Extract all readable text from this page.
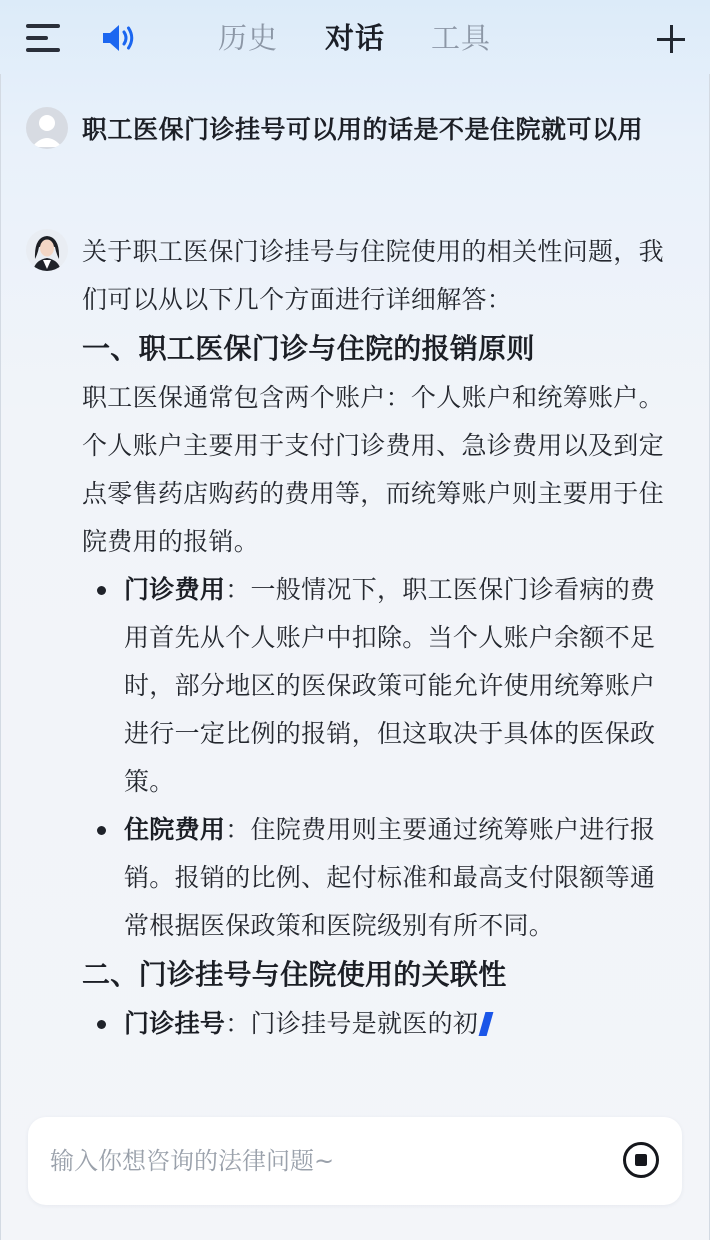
历史 对话 工具
职工医保门诊挂号可以用的话是不是住院就可以用

关于职工医保门诊挂号与住院使用的相关性问题，我们可以从以下几个方面进行详细解答：

一、职工医保门诊与住院的报销原则

职工医保通常包含两个账户：个人账户和统筹账户。个人账户主要用于支付门诊费用、急诊费用以及到定点零售药店购药的费用等，而统筹账户则主要用于住院费用的报销。

门诊费用：一般情况下，职工医保门诊看病的费用首先从个人账户中扣除。当个人账户余额不足时，部分地区的医保政策可能允许使用统筹账户进行一定比例的报销，但这取决于具体的医保政策。
住院费用：住院费用则主要通过统筹账户进行报销。报销的比例、起付标准和最高支付限额等通常根据医保政策和医院级别有所不同。
二、门诊挂号与住院使用的关联性
门诊挂号：门诊挂号是就医的初
输入你想咨询的法律问题~
